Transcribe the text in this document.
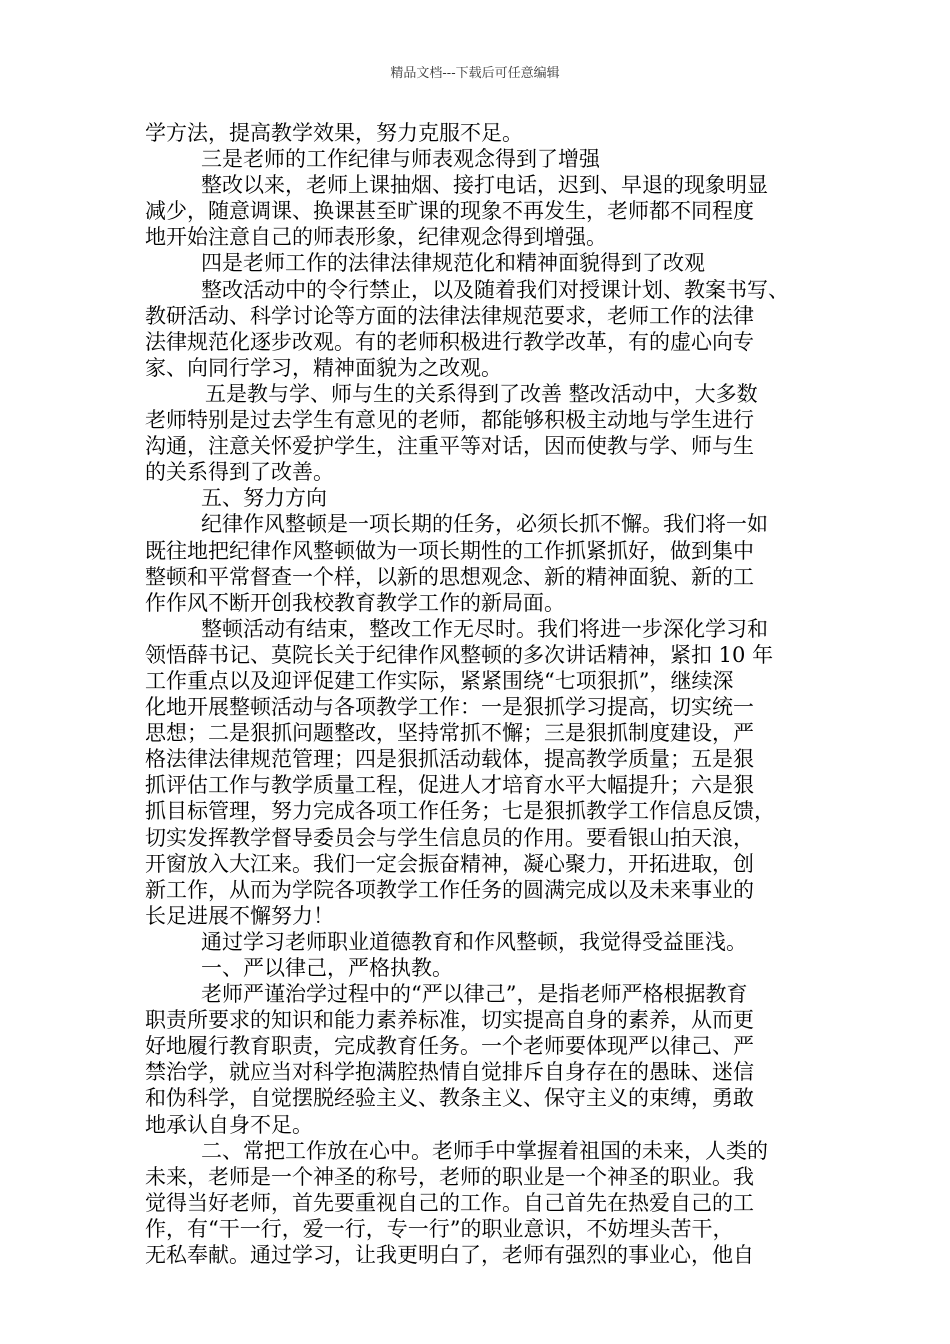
精品文档---下载后可任意编辑
学方法，提高教学效果，努力克服不足。
三是老师的工作纪律与师表观念得到了增强
整改以来，老师上课抽烟、接打电话，迟到、早退的现象明显
减少，随意调课、换课甚至旷课的现象不再发生，老师都不同程度
地开始注意自己的师表形象，纪律观念得到增强。
四是老师工作的法律法律规范化和精神面貌得到了改观
整改活动中的令行禁止，以及随着我们对授课计划、教案书写、
教研活动、科学讨论等方面的法律法律规范要求，老师工作的法律
法律规范化逐步改观。有的老师积极进行教学改革，有的虚心向专
家、向同行学习，精神面貌为之改观。
五是教与学、师与生的关系得到了改善 整改活动中，大多数
老师特别是过去学生有意见的老师，都能够积极主动地与学生进行
沟通，注意关怀爱护学生，注重平等对话，因而使教与学、师与生
的关系得到了改善。
五、努力方向
纪律作风整顿是一项长期的任务，必须长抓不懈。我们将一如
既往地把纪律作风整顿做为一项长期性的工作抓紧抓好，做到集中
整顿和平常督查一个样，以新的思想观念、新的精神面貌、新的工
作作风不断开创我校教育教学工作的新局面。
整顿活动有结束，整改工作无尽时。我们将进一步深化学习和
领悟薛书记、莫院长关于纪律作风整顿的多次讲话精神，紧扣 10 年
工作重点以及迎评促建工作实际，紧紧围绕“七项狠抓”，继续深
化地开展整顿活动与各项教学工作：一是狠抓学习提高，切实统一
思想；二是狠抓问题整改，坚持常抓不懈；三是狠抓制度建设，严
格法律法律规范管理；四是狠抓活动载体，提高教学质量；五是狠
抓评估工作与教学质量工程，促进人才培育水平大幅提升；六是狠
抓目标管理，努力完成各项工作任务；七是狠抓教学工作信息反馈，
切实发挥教学督导委员会与学生信息员的作用。要看银山拍天浪，
开窗放入大江来。我们一定会振奋精神，凝心聚力，开拓进取，创
新工作，从而为学院各项教学工作任务的圆满完成以及未来事业的
长足进展不懈努力！
通过学习老师职业道德教育和作风整顿，我觉得受益匪浅。
一、严以律己，严格执教。
老师严谨治学过程中的“严以律己”，是指老师严格根据教育
职责所要求的知识和能力素养标准，切实提高自身的素养，从而更
好地履行教育职责，完成教育任务。一个老师要体现严以律己、严
禁治学，就应当对科学抱满腔热情自觉排斥自身存在的愚昧、迷信
和伪科学，自觉摆脱经验主义、教条主义、保守主义的束缚，勇敢
地承认自身不足。
二、常把工作放在心中。老师手中掌握着祖国的未来，人类的
未来，老师是一个神圣的称号，老师的职业是一个神圣的职业。我
觉得当好老师，首先要重视自己的工作。自己首先在热爱自己的工
作，有“干一行，爱一行，专一行”的职业意识，不妨埋头苦干，
无私奉献。通过学习，让我更明白了，老师有强烈的事业心，他自
